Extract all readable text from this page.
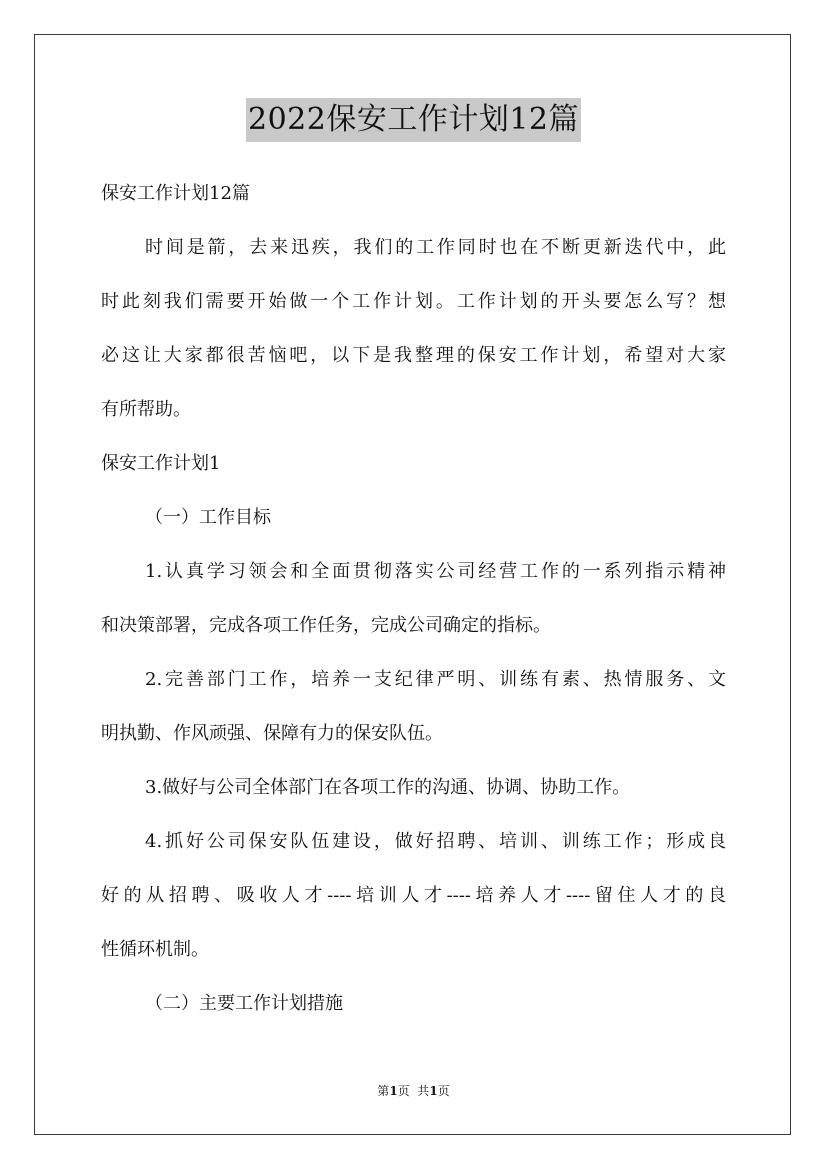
2022保安工作计划12篇
保安工作计划12篇
时间是箭，去来迅疾，我们的工作同时也在不断更新迭代中，此
时此刻我们需要开始做一个工作计划。工作计划的开头要怎么写？想
必这让大家都很苦恼吧，以下是我整理的保安工作计划，希望对大家
有所帮助。
保安工作计划1
（一）工作目标
1.认真学习领会和全面贯彻落实公司经营工作的一系列指示精神
和决策部署，完成各项工作任务，完成公司确定的指标。
2.完善部门工作，培养一支纪律严明、训练有素、热情服务、文
明执勤、作风顽强、保障有力的保安队伍。
3.做好与公司全体部门在各项工作的沟通、协调、协助工作。
4.抓好公司保安队伍建设，做好招聘、培训、训练工作；形成良
好的从招聘、吸收人才----培训人才----培养人才----留住人才的良
性循环机制。
（二）主要工作计划措施
第1页  共1页
